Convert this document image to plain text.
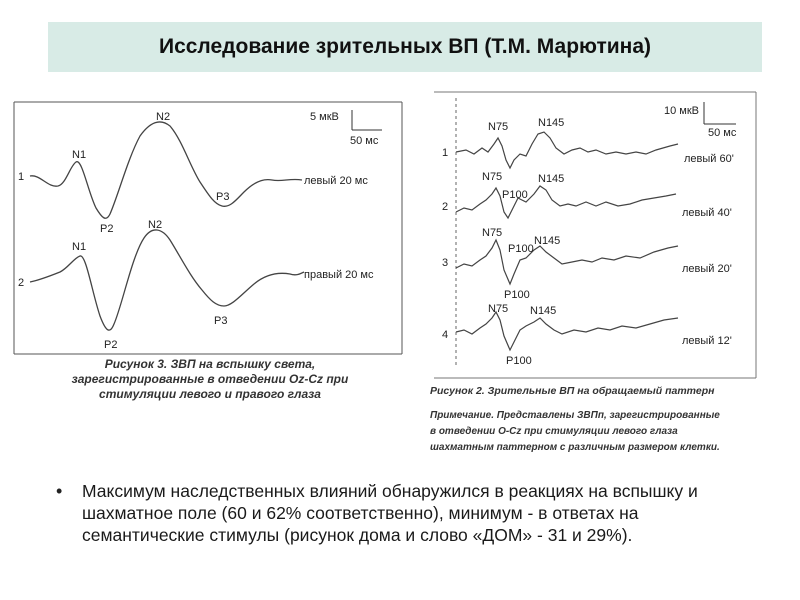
Исследование зрительных ВП (Т.М. Марютина)
5 мкВ
50 мс
1
2
N1
P2
N2
P3
левый 20 мс
N1
P2
N2
P3
правый 20 мс
Рисунок 3. ЗВП на вспышку света,
зарегистрированные в отведении Oz-Cz при
стимуляции левого и правого глаза
10 мкВ
50 мс
1
2
3
4
N75	N145
левый 60'
N75
P100
N145
левый 40'
N75
P100
N145
P100
левый 20'
N75 N145
P100
левый 12'
Рисунок 2. Зрительные ВП на обращаемый паттерн
Примечание. Представлены ЗВПп, зарегистрированные
в отведении O-Cz при стимуляции левого глаза
шахматным паттерном с различным размером клетки.
• Максимум наследственных влияний обнаружился в реакциях на вспышку и шахматное поле (60 и 62% соответственно), минимум - в ответах на семантические стимулы (рисунок дома и слово «ДОМ» - 31 и 29%).
